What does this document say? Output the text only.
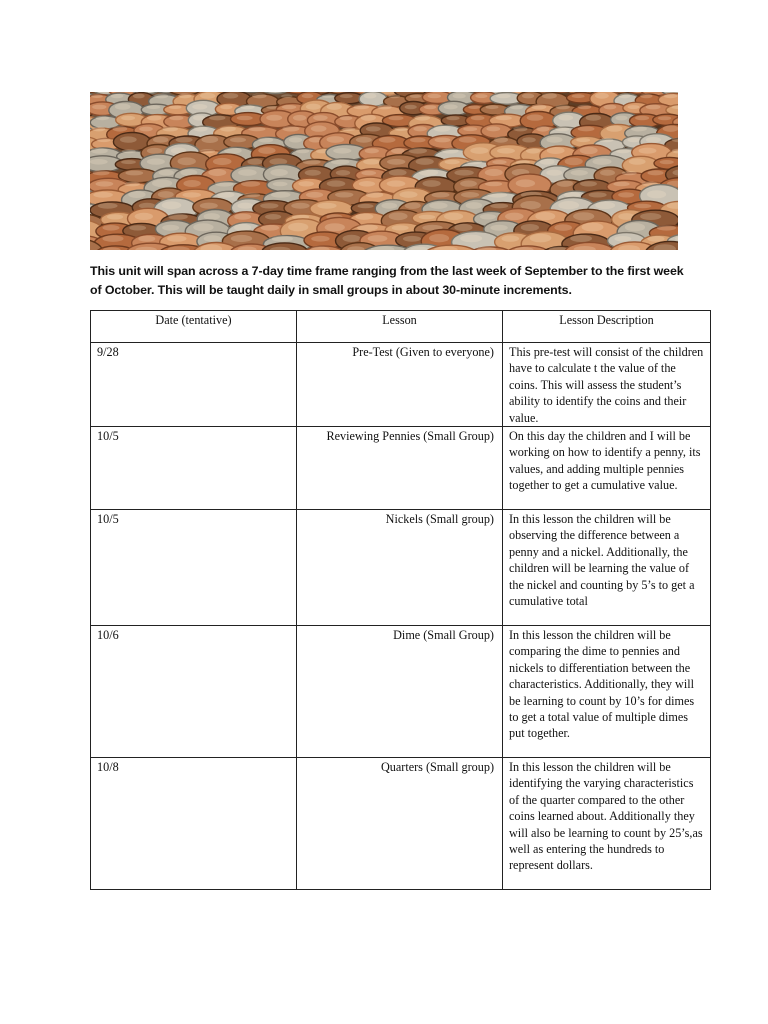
This unit will span across a 7-day time frame ranging from the last week of September to the first week of October. This will be taught daily in small groups in about 30-minute increments.
Date (tentative)	Lesson	Lesson Description
9/28	Pre-Test (Given to everyone)	This pre-test will consist of the children have to calculate t the value of the coins. This will assess the student’s ability to identify the coins and their value.
10/5	Reviewing Pennies (Small Group)	On this day the children and I will be working on how to identify a penny, its values, and adding multiple pennies together to get a cumulative value.
10/5	Nickels (Small group)	In this lesson the children will be observing the difference between a penny and a nickel. Additionally, the children will be learning the value of the nickel and counting by 5’s to get a cumulative total
10/6	Dime (Small Group)	In this lesson the children will be comparing the dime to pennies and nickels to differentiation between the characteristics. Additionally, they will be learning to count by 10’s for dimes to get a total value of multiple dimes put together.
10/8	Quarters (Small group)	In this lesson the children will be identifying the varying characteristics of the quarter compared to the other coins learned about. Additionally they will also be learning to count by 25’s,as well as entering the hundreds to represent dollars.
